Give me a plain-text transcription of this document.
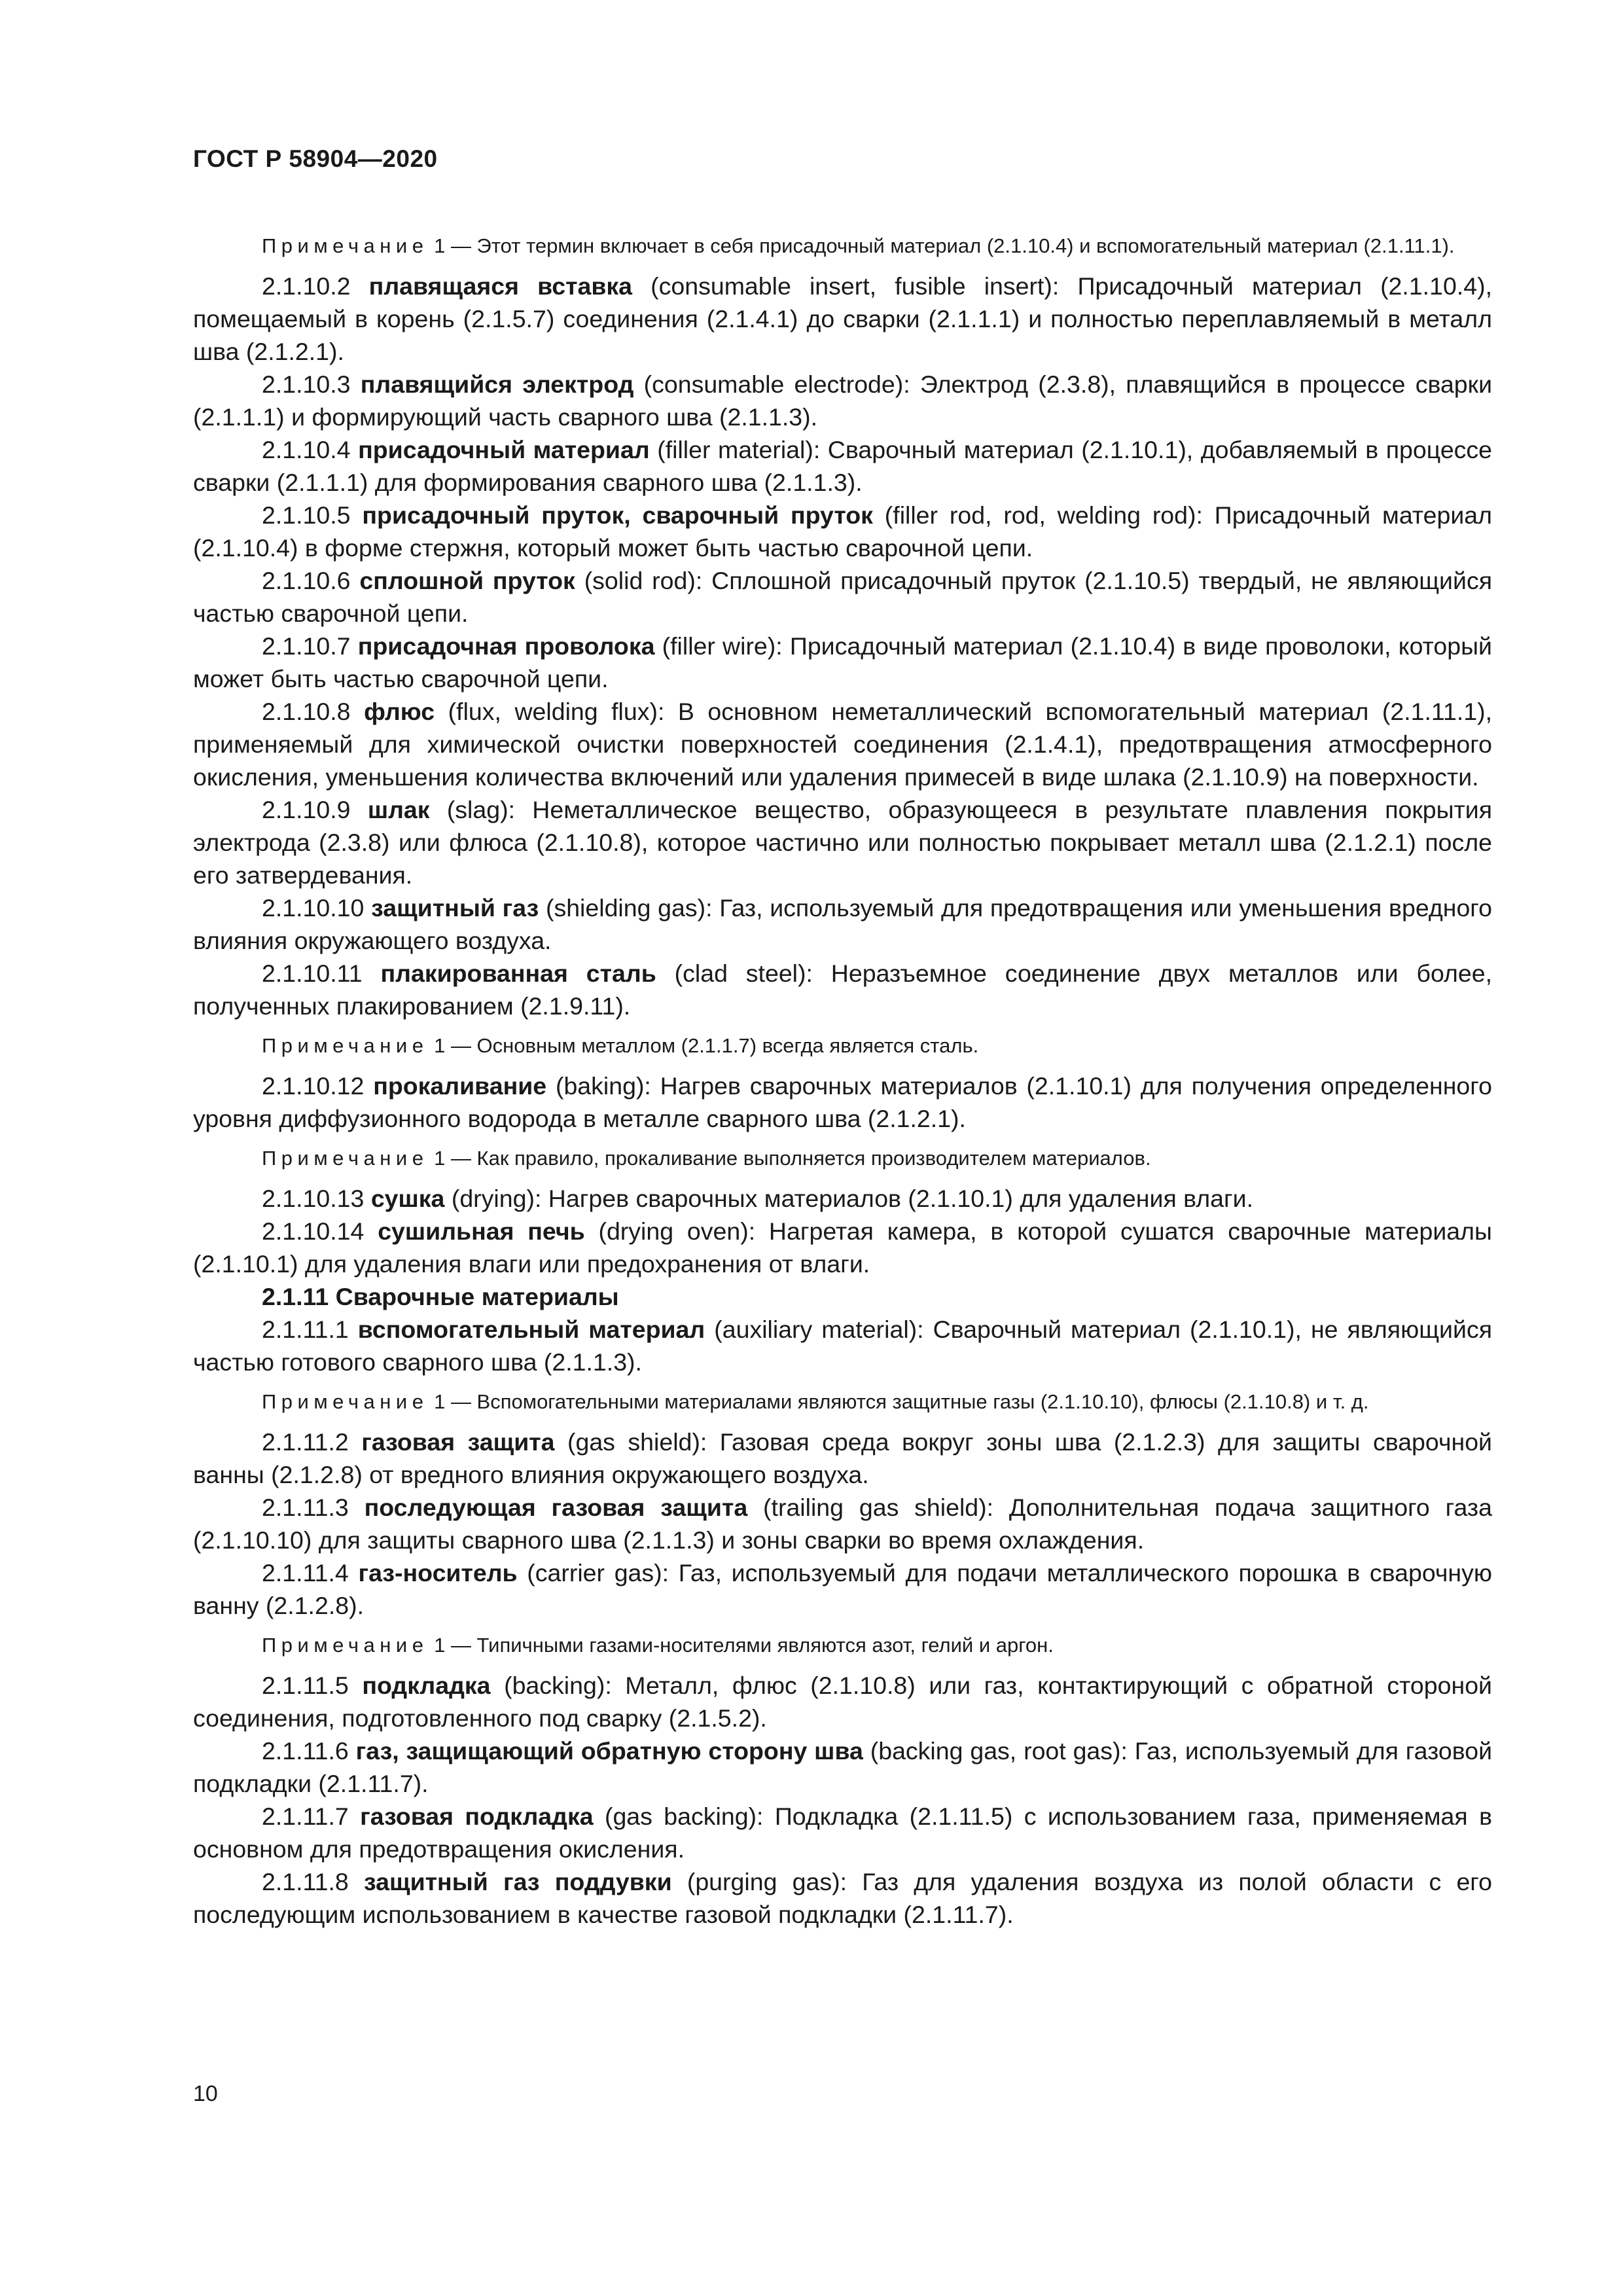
ГОСТ Р 58904—2020

Примечание 1 — Этот термин включает в себя присадочный материал (2.1.10.4) и вспомогательный материал (2.1.11.1).

2.1.10.2 плавящаяся вставка (consumable insert, fusible insert): Присадочный материал (2.1.10.4), помещаемый в корень (2.1.5.7) соединения (2.1.4.1) до сварки (2.1.1.1) и полностью переплавляемый в металл шва (2.1.2.1).

2.1.10.3 плавящийся электрод (consumable electrode): Электрод (2.3.8), плавящийся в процессе сварки (2.1.1.1) и формирующий часть сварного шва (2.1.1.3).

2.1.10.4 присадочный материал (filler material): Сварочный материал (2.1.10.1), добавляемый в процессе сварки (2.1.1.1) для формирования сварного шва (2.1.1.3).

2.1.10.5 присадочный пруток, сварочный пруток (filler rod, rod, welding rod): Присадочный материал (2.1.10.4) в форме стержня, который может быть частью сварочной цепи.

2.1.10.6 сплошной пруток (solid rod): Сплошной присадочный пруток (2.1.10.5) твердый, не являющийся частью сварочной цепи.

2.1.10.7 присадочная проволока (filler wire): Присадочный материал (2.1.10.4) в виде проволоки, который может быть частью сварочной цепи.

2.1.10.8 флюс (flux, welding flux): В основном неметаллический вспомогательный материал (2.1.11.1), применяемый для химической очистки поверхностей соединения (2.1.4.1), предотвращения атмосферного окисления, уменьшения количества включений или удаления примесей в виде шлака (2.1.10.9) на поверхности.

2.1.10.9 шлак (slag): Неметаллическое вещество, образующееся в результате плавления покрытия электрода (2.3.8) или флюса (2.1.10.8), которое частично или полностью покрывает металл шва (2.1.2.1) после его затвердевания.

2.1.10.10 защитный газ (shielding gas): Газ, используемый для предотвращения или уменьшения вредного влияния окружающего воздуха.

2.1.10.11 плакированная сталь (clad steel): Неразъемное соединение двух металлов или более, полученных плакированием (2.1.9.11).

Примечание 1 — Основным металлом (2.1.1.7) всегда является сталь.

2.1.10.12 прокаливание (baking): Нагрев сварочных материалов (2.1.10.1) для получения определенного уровня диффузионного водорода в металле сварного шва (2.1.2.1).

Примечание 1 — Как правило, прокаливание выполняется производителем материалов.

2.1.10.13 сушка (drying): Нагрев сварочных материалов (2.1.10.1) для удаления влаги.

2.1.10.14 сушильная печь (drying oven): Нагретая камера, в которой сушатся сварочные материалы (2.1.10.1) для удаления влаги или предохранения от влаги.

2.1.11 Сварочные материалы

2.1.11.1 вспомогательный материал (auxiliary material): Сварочный материал (2.1.10.1), не являющийся частью готового сварного шва (2.1.1.3).

Примечание 1 — Вспомогательными материалами являются защитные газы (2.1.10.10), флюсы (2.1.10.8) и т. д.

2.1.11.2 газовая защита (gas shield): Газовая среда вокруг зоны шва (2.1.2.3) для защиты сварочной ванны (2.1.2.8) от вредного влияния окружающего воздуха.

2.1.11.3 последующая газовая защита (trailing gas shield): Дополнительная подача защитного газа (2.1.10.10) для защиты сварного шва (2.1.1.3) и зоны сварки во время охлаждения.

2.1.11.4 газ-носитель (carrier gas): Газ, используемый для подачи металлического порошка в сварочную ванну (2.1.2.8).

Примечание 1 — Типичными газами-носителями являются азот, гелий и аргон.

2.1.11.5 подкладка (backing): Металл, флюс (2.1.10.8) или газ, контактирующий с обратной стороной соединения, подготовленного под сварку (2.1.5.2).

2.1.11.6 газ, защищающий обратную сторону шва (backing gas, root gas): Газ, используемый для газовой подкладки (2.1.11.7).

2.1.11.7 газовая подкладка (gas backing): Подкладка (2.1.11.5) с использованием газа, применяемая в основном для предотвращения окисления.

2.1.11.8 защитный газ поддувки (purging gas): Газ для удаления воздуха из полой области с его последующим использованием в качестве газовой подкладки (2.1.11.7).

10
